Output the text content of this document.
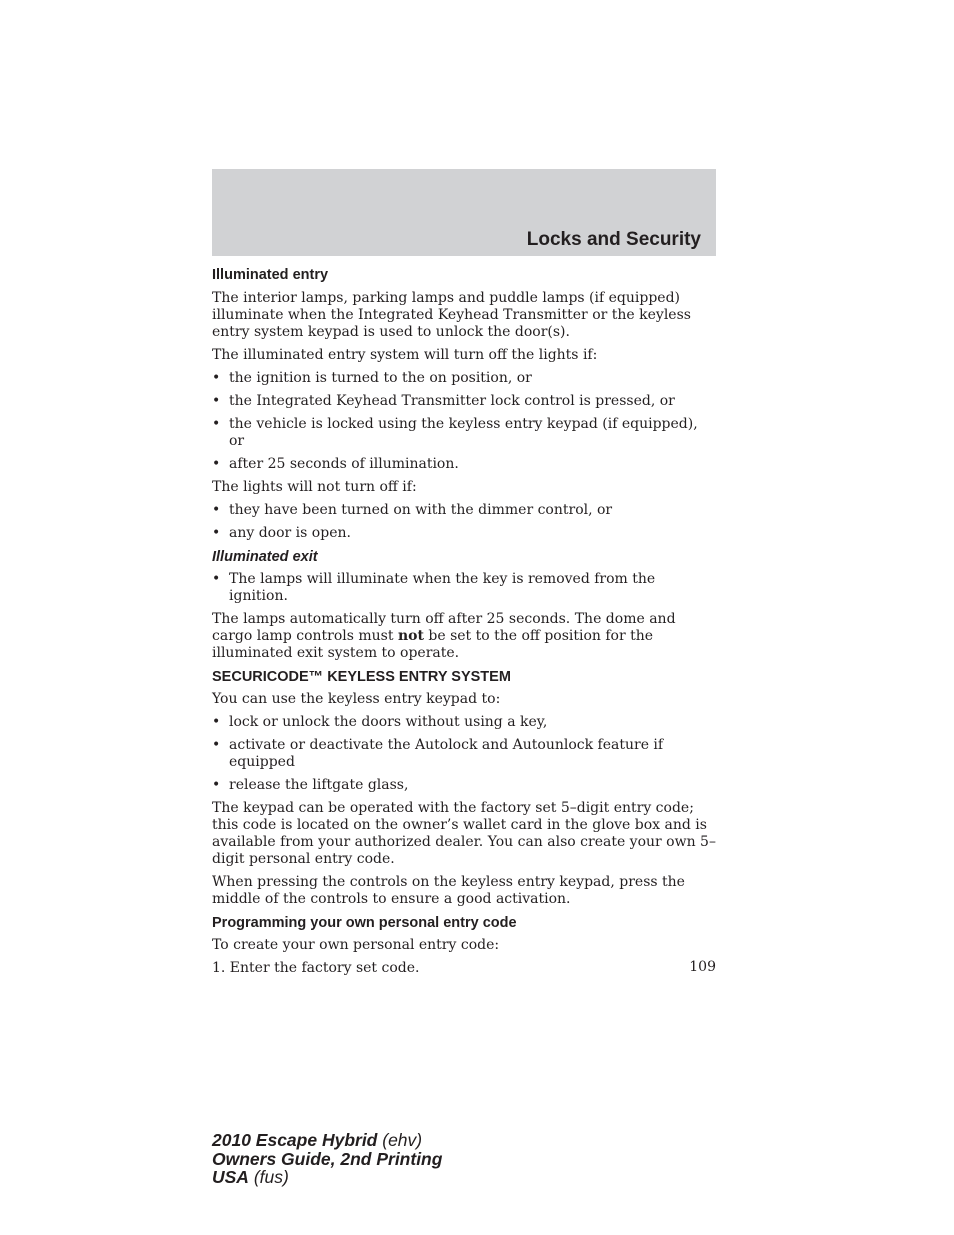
Locks and Security
Illuminated entry

The interior lamps, parking lamps and puddle lamps (if equipped) illuminate when the Integrated Keyhead Transmitter or the keyless entry system keypad is used to unlock the door(s).

The illuminated entry system will turn off the lights if:

• the ignition is turned to the on position, or
• the Integrated Keyhead Transmitter lock control is pressed, or
• the vehicle is locked using the keyless entry keypad (if equipped), or
• after 25 seconds of illumination.

The lights will not turn off if:

• they have been turned on with the dimmer control, or
• any door is open.
Illuminated exit
• The lamps will illuminate when the key is removed from the ignition.

The lamps automatically turn off after 25 seconds. The dome and cargo lamp controls must not be set to the off position for the illuminated exit system to operate.

SECURICODE™ KEYLESS ENTRY SYSTEM

You can use the keyless entry keypad to:

• lock or unlock the doors without using a key,
• activate or deactivate the Autolock and Autounlock feature if equipped
• release the liftgate glass,

The keypad can be operated with the factory set 5–digit entry code; this code is located on the owner’s wallet card in the glove box and is available from your authorized dealer. You can also create your own 5–digit personal entry code.

When pressing the controls on the keyless entry keypad, press the middle of the controls to ensure a good activation.

Programming your own personal entry code

To create your own personal entry code:

1. Enter the factory set code.	109
2010 Escape Hybrid (ehv)
Owners Guide, 2nd Printing
USA (fus)
